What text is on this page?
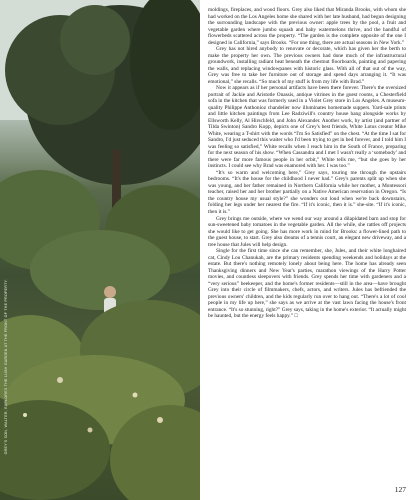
GREY'S SON, WALTER, EXPLORES THE LUSH GARDEN AT THE FRONT OF THE PROPERTY.

moldings, fireplaces, and wood floors. Grey also liked that Miranda Brooks, with whom she had worked on the Los Angeles home she shared with her late husband, had begun designing the surrounding landscape with the previous owner: apple trees by the pool, a fruit and vegetable garden where jumbo squash and baby watermelons thrive, and the handful of flowerbeds scattered across the property. “The garden is the complete opposite of the one I designed in California,” says Brooks. “For one thing, there are actual seasons in New York.”

Grey has not hired anybody to renovate or decorate, which has given her the berth to make the property her own. The previous owners had done much of the infrastructural groundwork, installing radiant heat beneath the chestnut floorboards, painting and papering the walls, and replacing windowpanes with historic glass. With all of that out of the way, Grey was free to take her furniture out of storage and spend days arranging it. “It was emotional,” she recalls. “So much of my stuff is from my life with Brad.”

Now it appears as if her personal artifacts have been there forever. There's the oversized portrait of Jackie and Aristotle Onassis, antique vitrines in the guest rooms, a Chesterfield sofa in the kitchen that was formerly used in a Violet Grey store in Los Angeles. A museum-quality Philippe Anthonioz chandelier now illuminates homemade suppers. Yard-sale prints and little kitchen paintings from Lee Radziwill's country house hang alongside works by Ellsworth Kelly, Al Hirschfeld, and John Alexander. Another work, by artist (and partner of Tilda Swinton) Sandro Kopp, depicts one of Grey's best friends, White Lotus creator Mike White, wearing a T-shirt with the words “I'm So Satisfied” on the chest. “At the time I sat for Sandro, I'd just seduced this waiter who I'd been trying to get in bed forever, and I told him I was feeling so satisfied,” White recalls when I reach him in the South of France, preparing for the next season of his show. “When Cassandra and I met I wasn't really a ‘somebody’ and there were far more famous people in her orbit,” White tells me, “but she goes by her instincts. I could see why Brad was enamored with her. I was too.”

“It's so warm and welcoming here,” Grey says, touring me through the upstairs bedrooms. “It's the house for the childhood I never had.” Grey's parents split up when she was young, and her father remained in Northern California while her mother, a Montessori teacher, raised her and her brother partially on a Native American reservation in Oregon. “Is the country house my usual style?” she wonders out loud when we're back downstairs, folding her legs under her nearest the fire. “If it's iconic, then it is.” she-site. “If it's iconic, then it is.”

Grey brings me outside, where we wend our way around a dilapidated barn and stop for sun-sweetened baby tomatoes in the vegetable garden. All the while, she rattles off projects she would like to get going. She has more work in mind for Brooks: a flower-lined path to the guest house, to start. Grey also dreams of a tennis court, an elegant new driveway, and a tree house that Jules will help design.

Single for the first time since she can remember, she, Jules, and their white longhaired cat, Cindy Lou Chanukah, are the primary residents spending weekends and holidays at the estate. But there's nothing remotely lonely about being here. The home has already seen Thanksgiving dinners and New Year's parties, marathon viewings of the Harry Potter movies, and countless sleepovers with friends. Grey spends her time with gardeners and a “very serious” beekeeper, and the home's former residents—still in the area—have brought Grey into their circle of filmmakers, chefs, actors, and writers. Jules has befriended the previous owners' children, and the kids regularly run over to hang out. “There's a lot of cool people in my life up here,” she says as we arrive at the vast lawn facing the house's front entrance. “It's so stunning, right?” Grey says, taking in the home's exterior. “It actually might be haunted, but the energy feels happy.” □

127
